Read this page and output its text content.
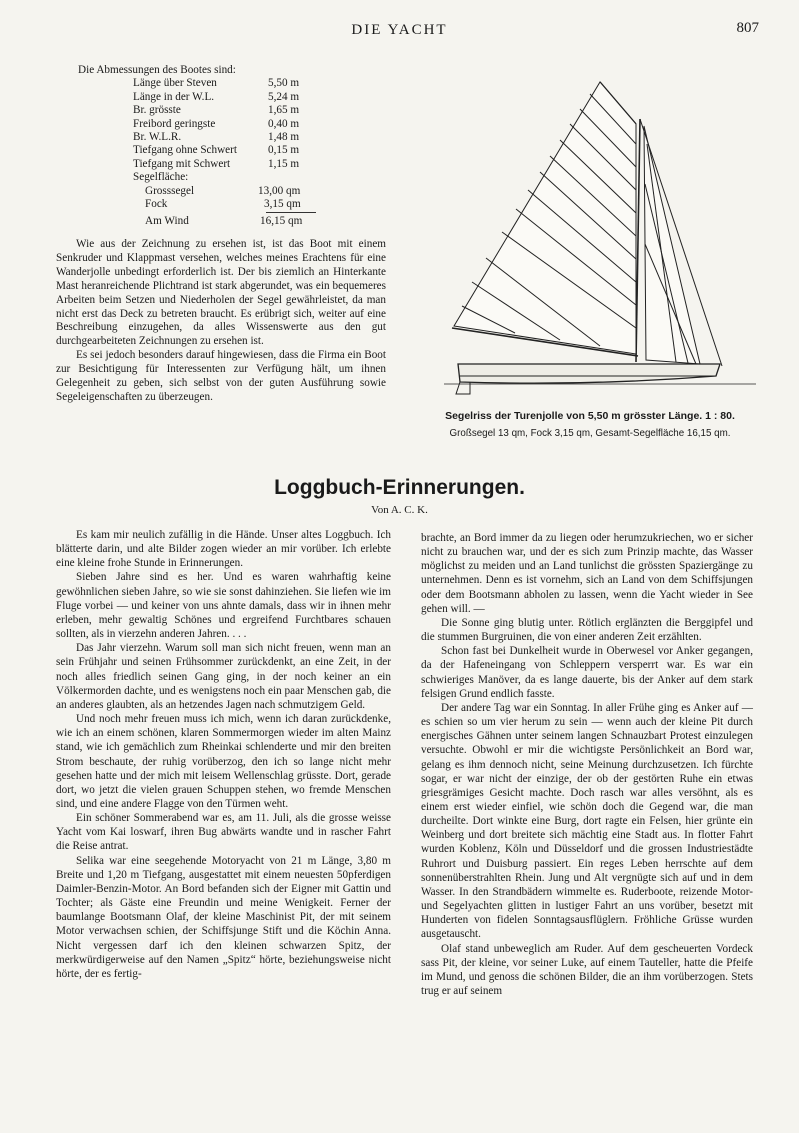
DIE YACHT	807
Die Abmessungen des Bootes sind:
Länge über Steven	5,50 m
Länge in der W.L.	5,24 m
Br. grösste	1,65 m
Freibord geringste	0,40 m
Br. W.L.R.	1,48 m
Tiefgang ohne Schwert	0,15 m
Tiefgang mit Schwert	1,15 m
Segelfläche:
Grosssegel	13,00 qm
Fock	3,15 qm
Am Wind	16,15 qm

Wie aus der Zeichnung zu ersehen ist, ist das Boot mit einem Senkruder und Klappmast versehen, welches meines Erachtens für eine Wanderjolle unbedingt erforderlich ist. Der bis ziemlich an Hinterkante Mast heranreichende Plichtrand ist stark abgerundet, was ein bequemeres Arbeiten beim Setzen und Niederholen der Segel gewährleistet, da man nicht erst das Deck zu betreten braucht. Es erübrigt sich, weiter auf eine Beschreibung einzugehen, da alles Wissenswerte aus den gut durchgearbeiteten Zeichnungen zu ersehen ist.

Es sei jedoch besonders darauf hingewiesen, dass die Firma ein Boot zur Besichtigung für Interessenten zur Verfügung hält, um ihnen Gelegenheit zu geben, sich selbst von der guten Ausführung sowie Segeleigenschaften zu überzeugen.

Segelriss der Turenjolle von 5,50 m grösster Länge. 1 : 80.
Großsegel 13 qm, Fock 3,15 qm, Gesamt-Segelfläche 16,15 qm.
Loggbuch-Erinnerungen.
Von A. C. K.

Es kam mir neulich zufällig in die Hände. Unser altes Loggbuch. Ich blätterte darin, und alte Bilder zogen wieder an mir vorüber. Ich erlebte eine kleine frohe Stunde in Erinnerungen.

Sieben Jahre sind es her. Und es waren wahrhaftig keine gewöhnlichen sieben Jahre, so wie sie sonst dahinziehen. Sie liefen wie im Fluge vorbei — und keiner von uns ahnte damals, dass wir in ihnen mehr erleben, mehr gewaltig Schönes und ergreifend Furchtbares schauen sollten, als in vierzehn anderen Jahren. . . .

Das Jahr vierzehn. Warum soll man sich nicht freuen, wenn man an sein Frühjahr und seinen Frühsommer zurückdenkt, an eine Zeit, in der noch alles friedlich seinen Gang ging, in der noch keiner an ein Völkermorden dachte, und es wenigstens noch ein paar Menschen gab, die an anderes glaubten, als an hetzendes Jagen nach schmutzigem Geld.

Und noch mehr freuen muss ich mich, wenn ich daran zurückdenke, wie ich an einem schönen, klaren Sommermorgen wieder im alten Mainz stand, wie ich gemächlich zum Rheinkai schlenderte und mir den breiten Strom beschaute, der ruhig vorüberzog, den ich so lange nicht mehr gesehen hatte und der mich mit leisem Wellenschlag grüsste. Dort, gerade dort, wo jetzt die vielen grauen Schuppen stehen, wo fremde Menschen sind, und eine andere Flagge von den Türmen weht.

Ein schöner Sommerabend war es, am 11. Juli, als die grosse weisse Yacht vom Kai loswarf, ihren Bug abwärts wandte und in rascher Fahrt die Reise antrat.

Selika war eine seegehende Motoryacht von 21 m Länge, 3,80 m Breite und 1,20 m Tiefgang, ausgestattet mit einem neuesten 50pferdigen Daimler-Benzin-Motor. An Bord befanden sich der Eigner mit Gattin und Tochter; als Gäste eine Freundin und meine Wenigkeit. Ferner der baumlange Bootsmann Olaf, der kleine Maschinist Pit, der mit seinem Motor verwachsen schien, der Schiffsjunge Stift und die Köchin Anna. Nicht vergessen darf ich den kleinen schwarzen Spitz, der merkwürdigerweise auf den Namen „Spitz“ hörte, beziehungsweise nicht hörte, der es fertig-

brachte, an Bord immer da zu liegen oder herumzukriechen, wo er sicher nicht zu brauchen war, und der es sich zum Prinzip machte, das Wasser möglichst zu meiden und an Land tunlichst die grössten Spaziergänge zu unternehmen. Denn es ist vornehm, sich an Land von dem Schiffsjungen oder dem Bootsmann abholen zu lassen, wenn die Yacht wieder in See gehen will. —

Die Sonne ging blutig unter. Rötlich erglänzten die Berggipfel und die stummen Burgruinen, die von einer anderen Zeit erzählten.

Schon fast bei Dunkelheit wurde in Oberwesel vor Anker gegangen, da der Hafeneingang von Schleppern versperrt war. Es war ein schwieriges Manöver, da es lange dauerte, bis der Anker auf dem stark felsigen Grund endlich fasste.

Der andere Tag war ein Sonntag. In aller Frühe ging es Anker auf — es schien so um vier herum zu sein — wenn auch der kleine Pit durch energisches Gähnen unter seinem langen Schnauzbart Protest einzulegen versuchte. Obwohl er mir die wichtigste Persönlichkeit an Bord war, gelang es ihm dennoch nicht, seine Meinung durchzusetzen. Ich fürchte sogar, er war nicht der einzige, der ob der gestörten Ruhe ein etwas griesgrämiges Gesicht machte. Doch rasch war alles versöhnt, als es einem erst wieder einfiel, wie schön doch die Gegend war, die man durcheilte. Dort winkte eine Burg, dort ragte ein Felsen, hier grünte ein Weinberg und dort breitete sich mächtig eine Stadt aus. In flotter Fahrt wurden Koblenz, Köln und Düsseldorf und die grossen Industriestädte Ruhrort und Duisburg passiert. Ein reges Leben herrschte auf dem sonnenüberstrahlten Rhein. Jung und Alt vergnügte sich auf und in dem Wasser. In den Strandbädern wimmelte es. Ruderboote, reizende Motor- und Segelyachten glitten in lustiger Fahrt an uns vorüber, besetzt mit Hunderten von fidelen Sonntagsausflüglern. Fröhliche Grüsse wurden ausgetauscht.

Olaf stand unbeweglich am Ruder. Auf dem gescheuerten Vordeck sass Pit, der kleine, vor seiner Luke, auf einem Tauteller, hatte die Pfeife im Mund, und genoss die schönen Bilder, die an ihm vorüberzogen. Stets trug er auf seinem
